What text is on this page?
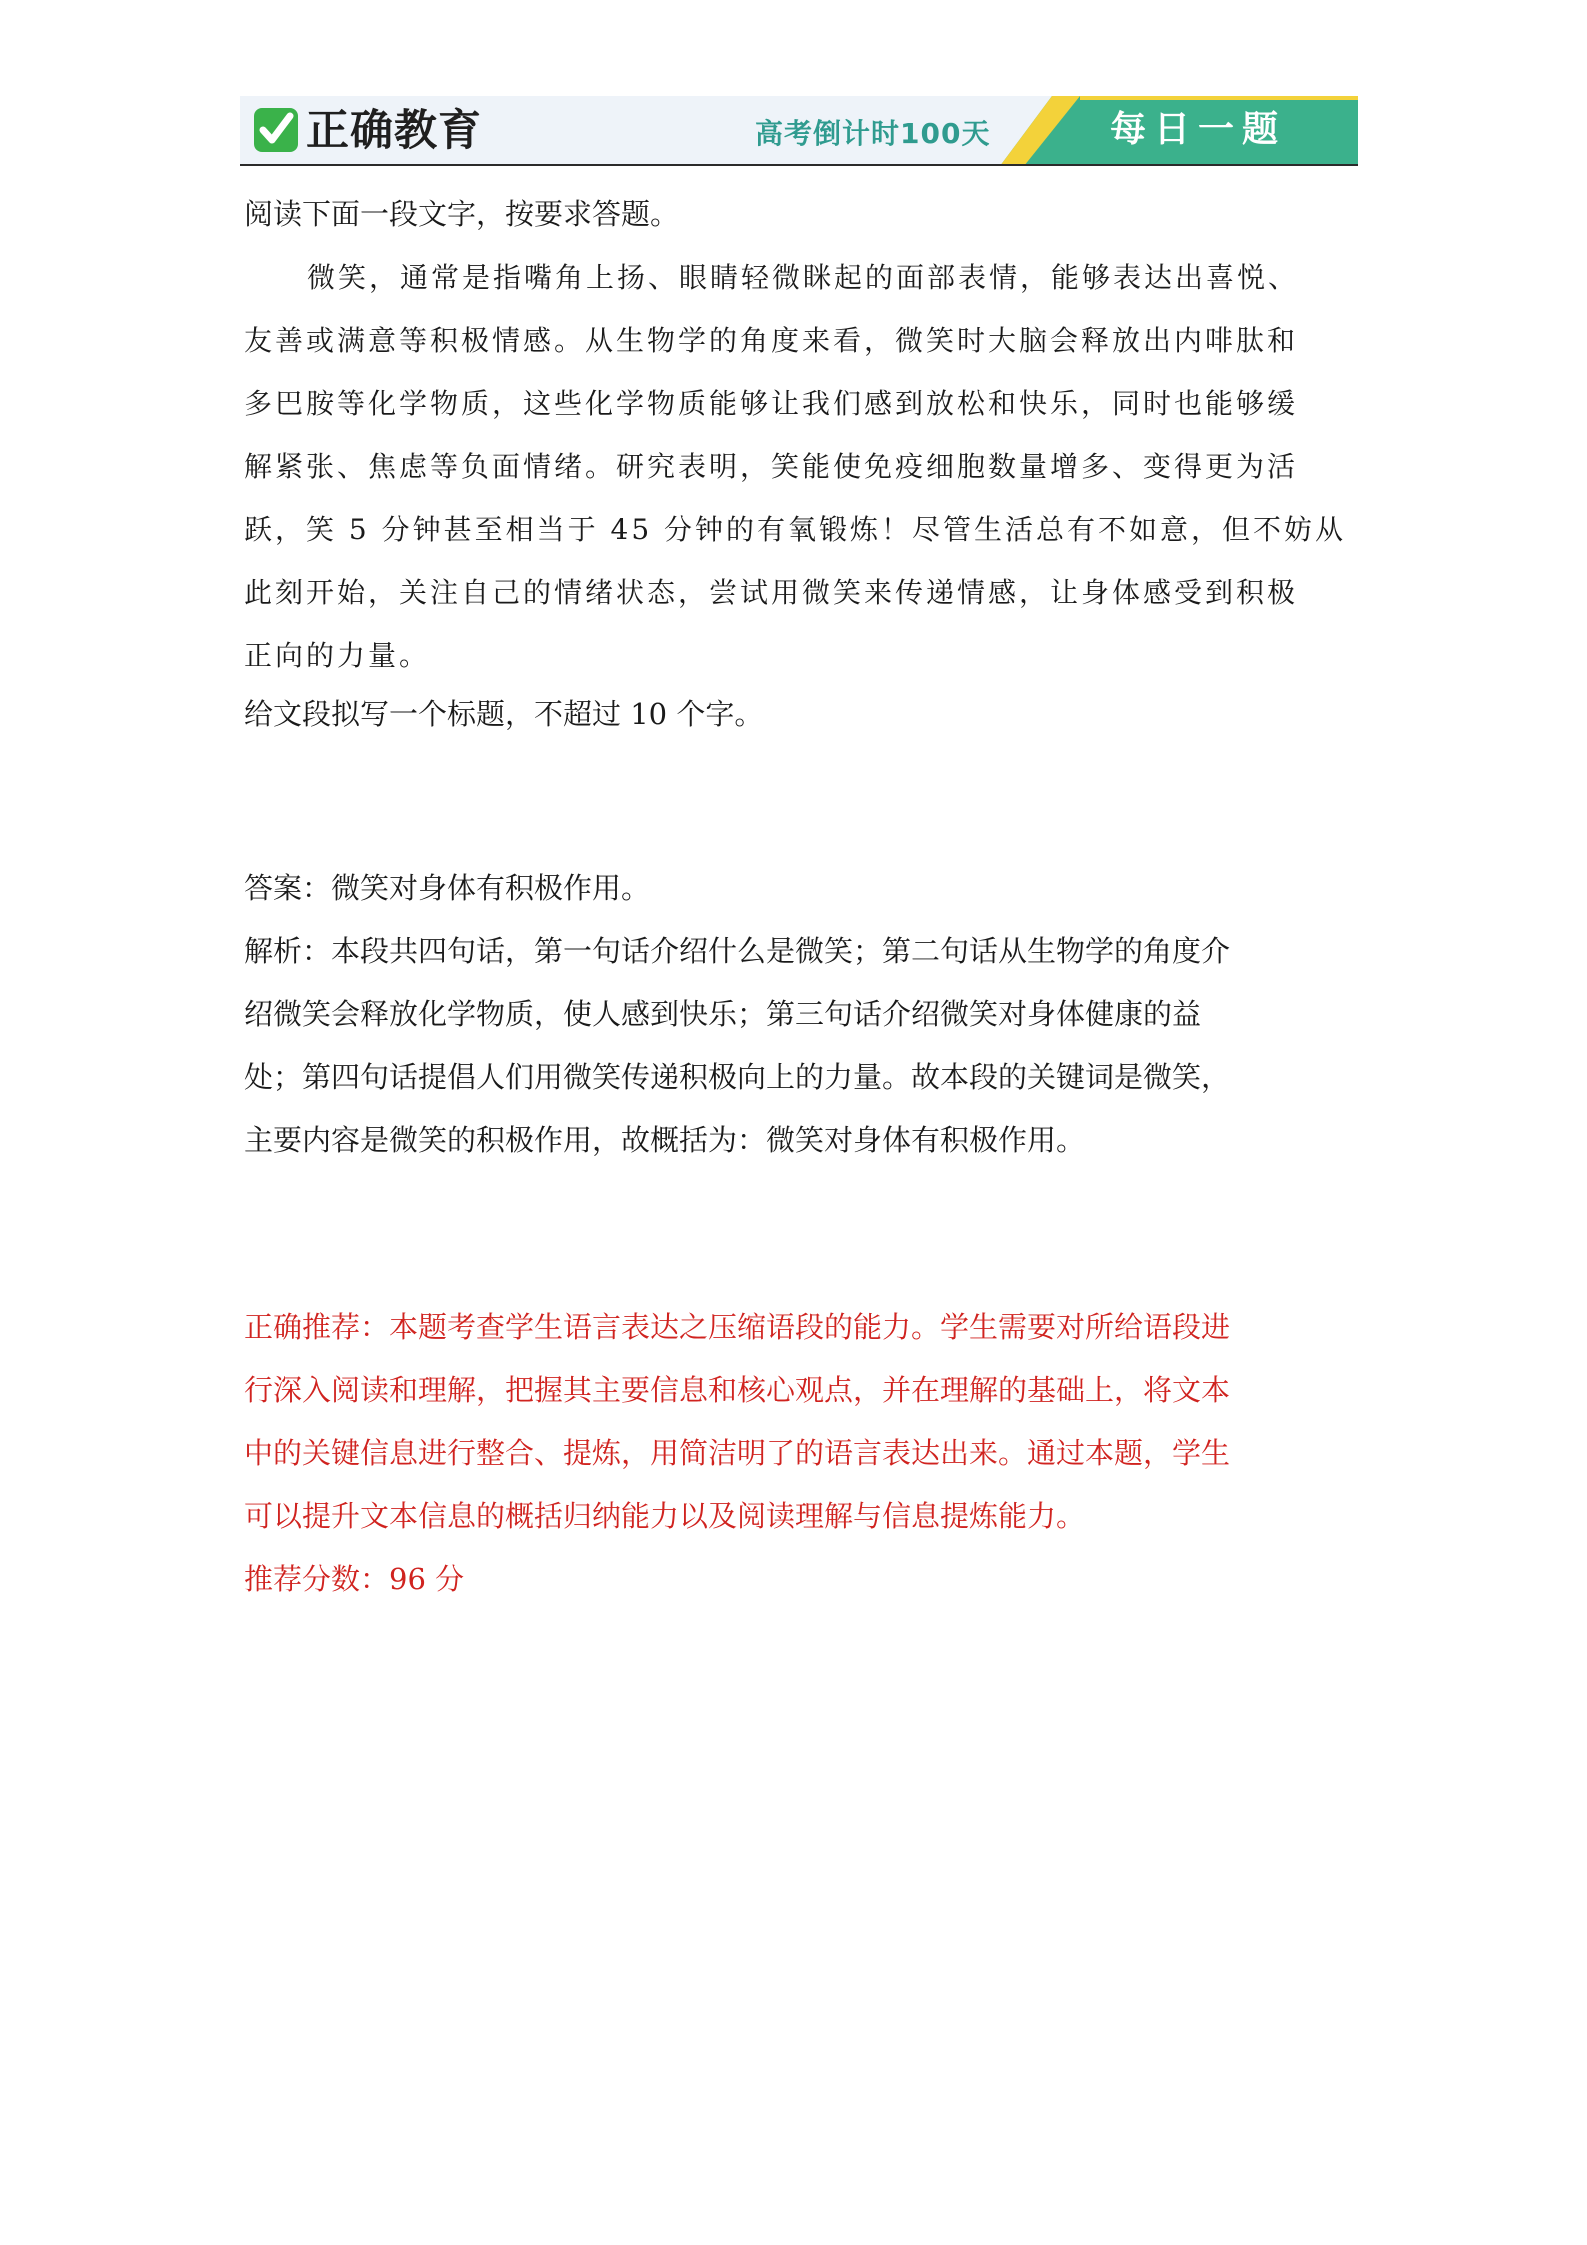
正确教育	高考倒计时100天	每日一题

阅读下面一段文字，按要求答题。

微笑，通常是指嘴角上扬、眼睛轻微眯起的面部表情，能够表达出喜悦、
友善或满意等积极情感。从生物学的角度来看，微笑时大脑会释放出内啡肽和
多巴胺等化学物质，这些化学物质能够让我们感到放松和快乐，同时也能够缓
解紧张、焦虑等负面情绪。研究表明，笑能使免疫细胞数量增多、变得更为活
跃，笑 5 分钟甚至相当于 45 分钟的有氧锻炼！尽管生活总有不如意，但不妨从
此刻开始，关注自己的情绪状态，尝试用微笑来传递情感，让身体感受到积极
正向的力量。

给文段拟写一个标题，不超过 10 个字。

答案：微笑对身体有积极作用。
解析：本段共四句话，第一句话介绍什么是微笑；第二句话从生物学的角度介
绍微笑会释放化学物质，使人感到快乐；第三句话介绍微笑对身体健康的益
处；第四句话提倡人们用微笑传递积极向上的力量。故本段的关键词是微笑，
主要内容是微笑的积极作用，故概括为：微笑对身体有积极作用。
正确推荐：本题考查学生语言表达之压缩语段的能力。学生需要对所给语段进
行深入阅读和理解，把握其主要信息和核心观点，并在理解的基础上，将文本
中的关键信息进行整合、提炼，用简洁明了的语言表达出来。通过本题，学生
可以提升文本信息的概括归纳能力以及阅读理解与信息提炼能力。
推荐分数：96 分
